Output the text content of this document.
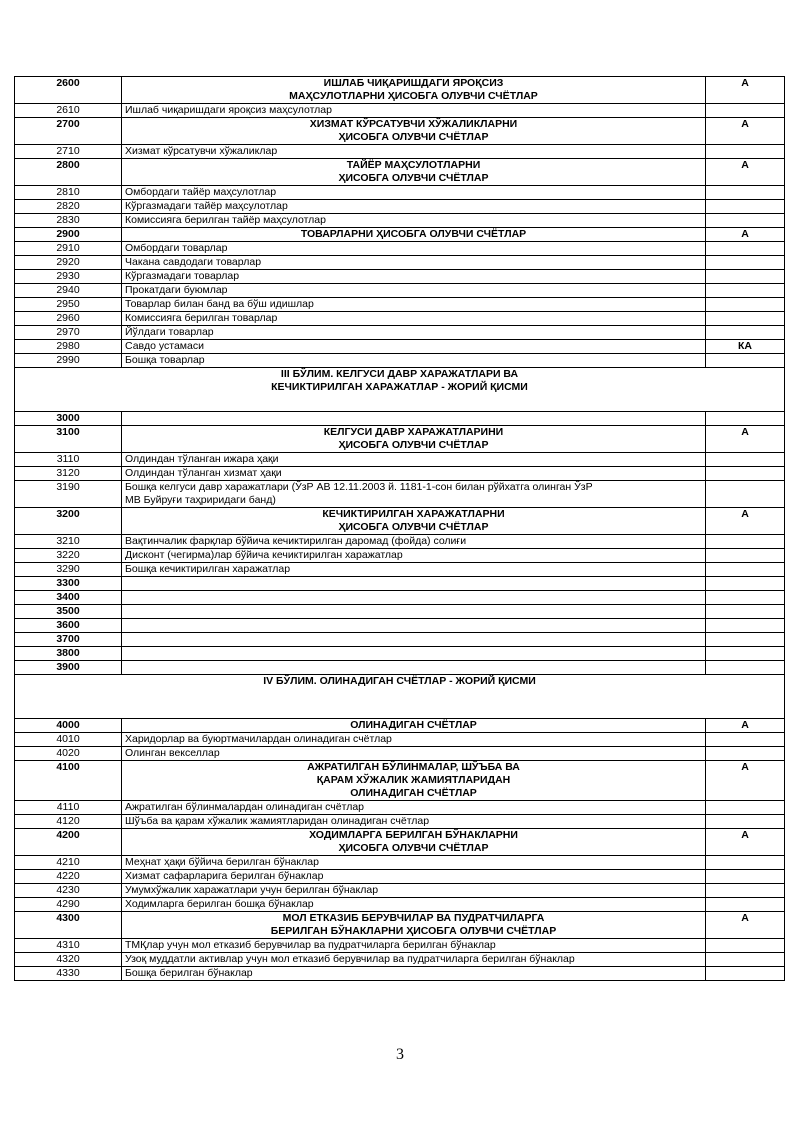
2600	ИШЛАБ ЧИҚАРИШДАГИ ЯРОҚСИЗ
МАҲСУЛОТЛАРНИ ҲИСОБГА ОЛУВЧИ СЧЁТЛАР	А
2610	Ишлаб чиқаришдаги яроқсиз маҳсулотлар	

2700	ХИЗМАТ КЎРСАТУВЧИ ХЎЖАЛИКЛАРНИ
ҲИСОБГА ОЛУВЧИ СЧЁТЛАР	А
2710	Хизмат кўрсатувчи хўжаликлар	

2800	ТАЙЁР МАҲСУЛОТЛАРНИ
ҲИСОБГА ОЛУВЧИ СЧЁТЛАР	А
2810	Омбордаги тайёр маҳсулотлар	

2820	Кўргазмадаги тайёр маҳсулотлар	

2830	Комиссияга берилган тайёр маҳсулотлар	

2900	ТОВАРЛАРНИ ҲИСОБГА ОЛУВЧИ СЧЁТЛАР	А
2910	Омбордаги товарлар	

2920	Чакана савдодаги товарлар	

2930	Кўргазмадаги товарлар	

2940	Прокатдаги буюмлар	

2950	Товарлар билан банд ва бўш идишлар	

2960	Комиссияга берилган товарлар	

2970	Йўлдаги товарлар	

2980	Савдо устамаси	КА
2990	Бошқа товарлар	

III БЎЛИМ. КЕЛГУСИ ДАВР ХАРАЖАТЛАРИ ВА
КЕЧИКТИРИЛГАН ХАРАЖАТЛАР - ЖОРИЙ ҚИСМИ		

3000	

3100	КЕЛГУСИ ДАВР ХАРАЖАТЛАРИНИ
ҲИСОБГА ОЛУВЧИ СЧЁТЛАР	А
3110	Олдиндан тўланган ижара ҳақи	

3120	Олдиндан тўланган хизмат ҳақи	

3190	Бошқа келгуси давр харажатлари (ЎзР АВ 12.11.2003 й. 1181-1-сон билан рўйхатга олинган ЎзР
МВ Буйруғи таҳриридаги банд)	

3200	КЕЧИКТИРИЛГАН ХАРАЖАТЛАРНИ
ҲИСОБГА ОЛУВЧИ СЧЁТЛАР	А
3210	Вақтинчалик фарқлар бўйича кечиктирилган даромад (фойда) солиғи	

3220	Дисконт (чегирма)лар бўйича кечиктирилган харажатлар	

3290	Бошқа кечиктирилган харажатлар	

3300	

3400	

3500	

3600	

3700	

3800	

3900	

IV БЎЛИМ. ОЛИНАДИГАН СЧЁТЛАР - ЖОРИЙ ҚИСМИ		

4000	ОЛИНАДИГАН СЧЁТЛАР	А
4010	Харидорлар ва буюртмачилардан олинадиган счётлар	

4020	Олинган векселлар	

4100	АЖРАТИЛГАН БЎЛИНМАЛАР, ШЎЪБА ВА
ҚАРАМ ХЎЖАЛИК ЖАМИЯТЛАРИДАН
ОЛИНАДИГАН СЧЁТЛАР	А
4110	Ажратилган бўлинмалардан олинадиган счётлар	

4120	Шўъба ва қарам хўжалик жамиятларидан олинадиган счётлар	

4200	ХОДИМЛАРГА БЕРИЛГАН БЎНАКЛАРНИ
ҲИСОБГА ОЛУВЧИ СЧЁТЛАР	А
4210	Меҳнат ҳақи бўйича берилган бўнаклар	

4220	Хизмат сафарларига берилган бўнаклар	

4230	Умумхўжалик харажатлари учун берилган бўнаклар	

4290	Ходимларга берилган бошқа бўнаклар	

4300	МОЛ ЕТКАЗИБ БЕРУВЧИЛАР ВА ПУДРАТЧИЛАРГА
БЕРИЛГАН БЎНАКЛАРНИ ҲИСОБГА ОЛУВЧИ СЧЁТЛАР	А
4310	ТМҚлар учун мол етказиб берувчилар ва пудратчиларга берилган бўнаклар	

4320	Узоқ муддатли активлар учун мол етказиб берувчилар ва пудратчиларга берилган бўнаклар	

4330	Бошқа берилган бўнаклар	

3
